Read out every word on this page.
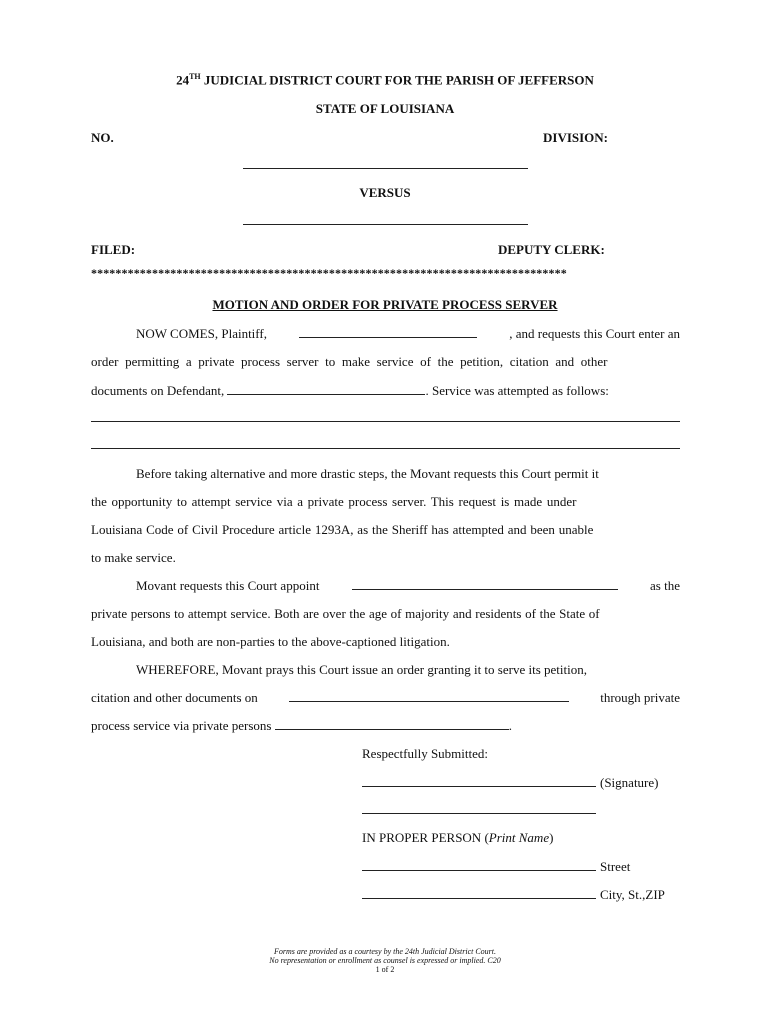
24TH JUDICIAL DISTRICT COURT FOR THE PARISH OF JEFFERSON
STATE OF LOUISIANA
NO.	DIVISION:
VERSUS
FILED:	DEPUTY CLERK:
******************************************************************************
MOTION AND ORDER FOR PRIVATE PROCESS SERVER
NOW COMES, Plaintiff,	, and requests this Court enter an
order permitting a private process server to make service of the petition, citation and other
documents on Defendant,	. Service was attempted as follows:
Before taking alternative and more drastic steps, the Movant requests this Court permit it
the opportunity to attempt service via a private process server. This request is made under
Louisiana Code of Civil Procedure article 1293A, as the Sheriff has attempted and been unable
to make service.
Movant requests this Court appoint	as the
private persons to attempt service. Both are over the age of majority and residents of the State of
Louisiana, and both are non-parties to the above-captioned litigation.
WHEREFORE, Movant prays this Court issue an order granting it to serve its petition,
citation and other documents on	through private
process service via private persons	.
Respectfully Submitted:
(Signature)
IN PROPER PERSON (Print Name)
Street
City, St.,ZIP
Forms are provided as a courtesy by the 24th Judicial District Court.
No representation or enrollment as counsel is expressed or implied. C20
1 of 2
